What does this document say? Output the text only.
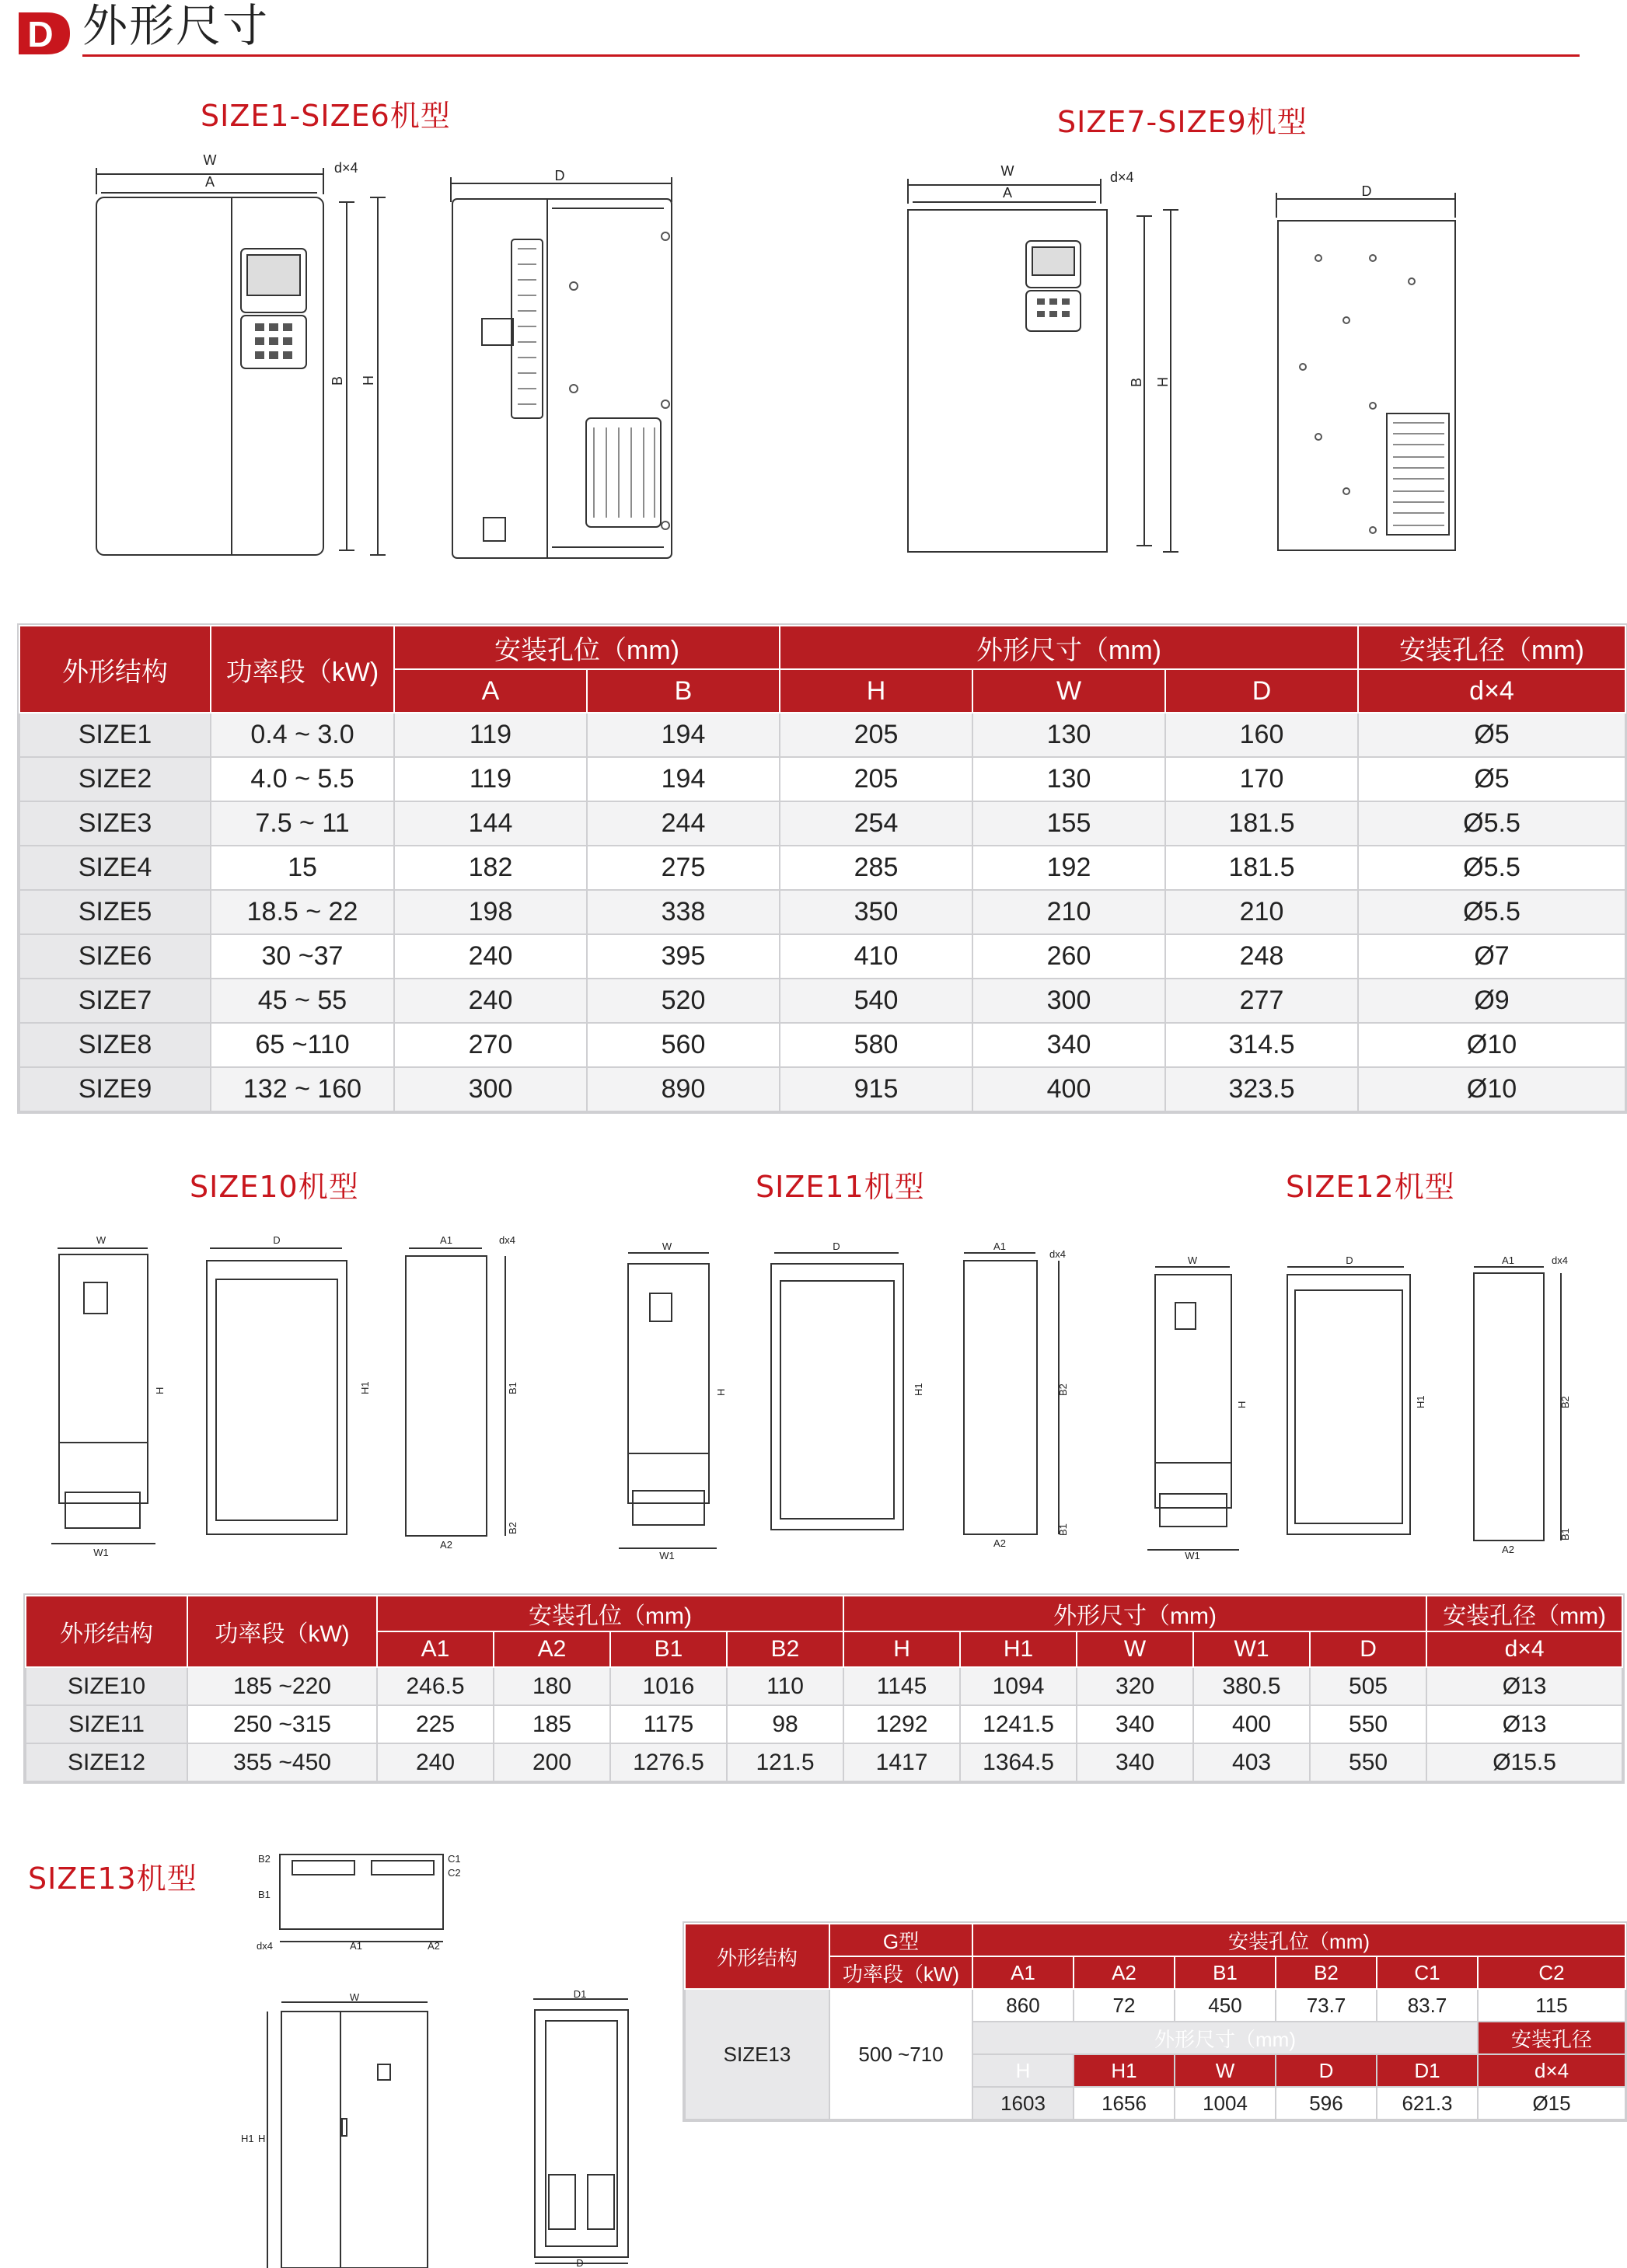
D 外形尺寸
SIZE1-SIZE6机型	SIZE7-SIZE9机型
SIZE10机型	SIZE11机型	SIZE12机型
SIZE13机型
W
A
d×4
B H
D	W
A
d×4
B H
D
外形结构	功率段（kW)	安装孔位（mm)		外形尺寸（mm)			安装孔径（mm)
		A	B	H	W	D	d×4
SIZE1	0.4 ~ 3.0	119	194	205	130	160	Ø5
SIZE2	4.0 ~ 5.5	119	194	205	130	170	Ø5
SIZE3	7.5 ~ 11	144	244	254	155	181.5	Ø5.5
SIZE4	15	182	275	285	192	181.5	Ø5.5
SIZE5	18.5 ~ 22	198	338	350	210	210	Ø5.5
SIZE6	30 ~37	240	395	410	260	248	Ø7
SIZE7	45 ~ 55	240	520	540	300	277	Ø9
SIZE8	65 ~110	270	560	580	340	314.5	Ø10
SIZE9	132 ~ 160	300	890	915	400	323.5	Ø10
W	D	A1	dx4
W1
A2
H	H1	B1
B2
W	D	A1
dx4
W1
A2
H	H1	B2
B1
W	D	A1	dx4
W1
A2
H	H1	B2
B1
外形结构	功率段（kW)	安装孔位（mm)				外形尺寸（mm)					安装孔径（mm)
		A1	A2	B1	B2	H	H1	W	W1	D	d×4
SIZE10	185 ~220	246.5	180	1016	110	1145	1094	320	380.5	505	Ø13
SIZE11	250 ~315	225	185	1175	98	1292	1241.5	340	400	550	Ø13
SIZE12	355 ~450	240	200	1276.5	121.5	1417	1364.5	340	403	550	Ø15.5
B2
B1
C1
C2
dx4	A1	A2
W
H1 H
D1
D
外形结构	G型	安装孔位（mm)					
	功率段（kW)	A1	A2	B1	B2	C1	C2
SIZE13	500 ~710	860	72	450	73.7	83.7	115
		外形尺寸（mm)					安装孔径
		H	H1	W	D	D1	d×4
		1603	1656	1004	596	621.3	Ø15
